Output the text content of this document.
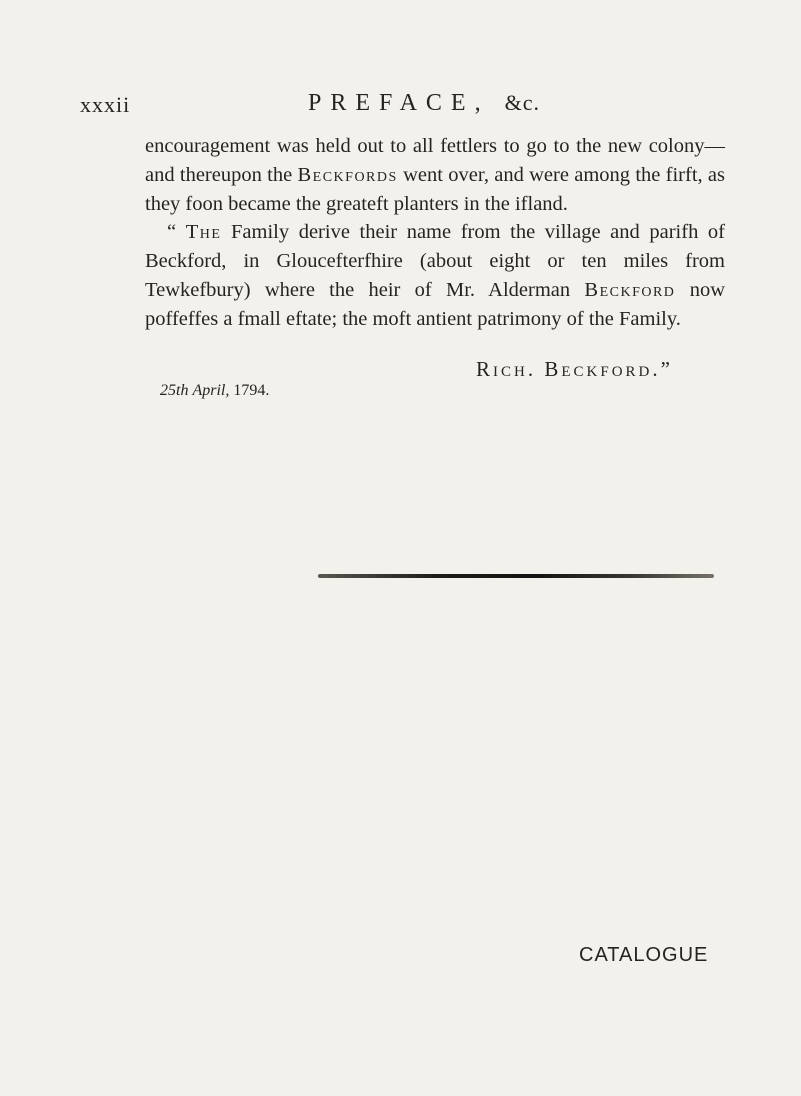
xxxii	PREFACE, &c.

encouragement was held out to all fettlers to go to the new colony—and thereupon the Beckfords went over, and were among the firft, as they foon became the greateft planters in the ifland.

“ The Family derive their name from the village and parifh of Beckford, in Gloucefterfhire (about eight or ten miles from Tewkefbury) where the heir of Mr. Alderman Beckford now poffeffes a fmall eftate; the moft antient patrimony of the Family.

Rich. Beckford.”
25th April, 1794.
CATALOGUE
